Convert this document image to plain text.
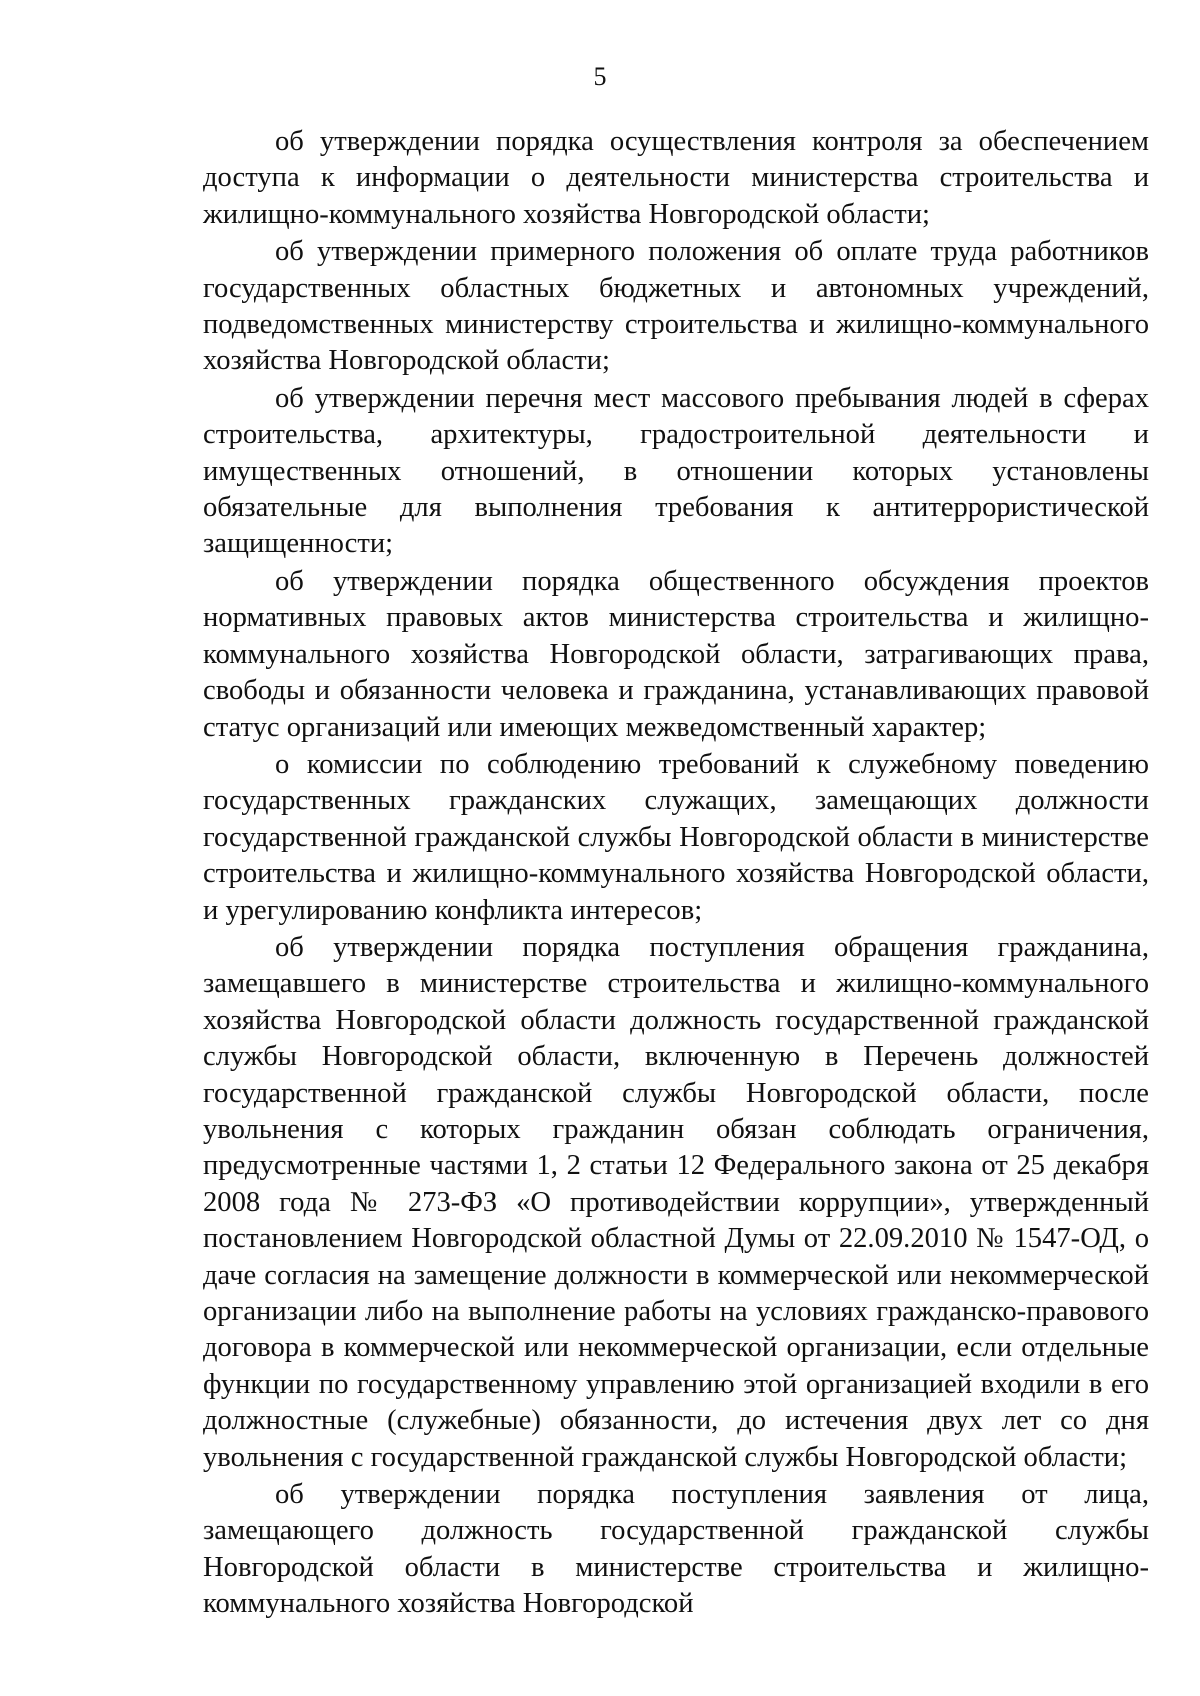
5

об утверждении порядка осуществления контроля за обеспечением доступа к информации о деятельности министерства строительства и жилищно-коммунального хозяйства Новгородской области;

об утверждении примерного положения об оплате труда работников государственных областных бюджетных и автономных учреждений, подведомственных министерству строительства и жилищно-коммунального хозяйства Новгородской области;

об утверждении перечня мест массового пребывания людей в сферах строительства, архитектуры, градостроительной деятельности и имущественных отношений, в отношении которых установлены обязательные для выполнения требования к антитеррористической защищенности;

об утверждении порядка общественного обсуждения проектов нормативных правовых актов министерства строительства и жилищно-коммунального хозяйства Новгородской области, затрагивающих права, свободы и обязанности человека и гражданина, устанавливающих правовой статус организаций или имеющих межведомственный характер;

о комиссии по соблюдению требований к служебному поведению государственных гражданских служащих, замещающих должности государственной гражданской службы Новгородской области в министерстве строительства и жилищно-коммунального хозяйства Новгородской области, и урегулированию конфликта интересов;

об утверждении порядка поступления обращения гражданина, замещавшего в министерстве строительства и жилищно-коммунального хозяйства Новгородской области должность государственной гражданской службы Новгородской области, включенную в Перечень должностей государственной гражданской службы Новгородской области, после увольнения с которых гражданин обязан соблюдать ограничения, предусмотренные частями 1, 2 статьи 12 Федерального закона от 25 декабря 2008 года № 273-ФЗ «О противодействии коррупции», утвержденный постановлением Новгородской областной Думы от 22.09.2010 № 1547-ОД, о даче согласия на замещение должности в коммерческой или некоммерческой организации либо на выполнение работы на условиях гражданско-правового договора в коммерческой или некоммерческой организации, если отдельные функции по государственному управлению этой организацией входили в его должностные (служебные) обязанности, до истечения двух лет со дня увольнения с государственной гражданской службы Новгородской области;

об утверждении порядка поступления заявления от лица, замещающего должность государственной гражданской службы Новгородской области в министерстве строительства и жилищно-коммунального хозяйства Новгородской
